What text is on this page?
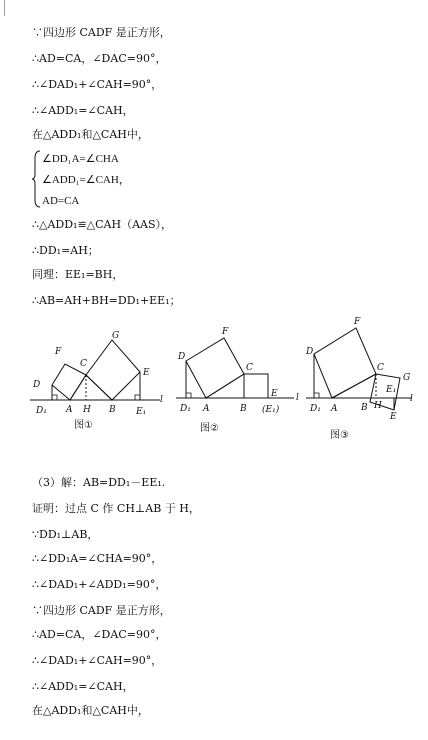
∵四边形 CADF 是正方形，
∴AD=CA，∠DAC=90°，
∴∠DAD₁+∠CAH=90°，
∴∠ADD₁=∠CAH，
在△ADD₁和△CAH中，
∠DD₁A=∠CHA
∠ADD₁=∠CAH，
AD=CA
∴△ADD₁≌△CAH（AAS），
∴DD₁=AH；
同理：EE₁=BH，
∴AB=AH+BH=DD₁+EE₁；
D
F
C
G
E
D₁ A H B E₁
l
图①
F
D
C
E
D₁ A	B (E₁)
l
图②
F
D
C
G
E₁
D₁ A	B H
E
l
图③
（3）解：AB=DD₁－EE₁.
证明：过点 C 作 CH⊥AB 于 H，
∵DD₁⊥AB，
∴∠DD₁A=∠CHA=90°，
∴∠DAD₁+∠ADD₁=90°，
∵四边形 CADF 是正方形，
∴AD=CA，∠DAC=90°，
∴∠DAD₁+∠CAH=90°，
∴∠ADD₁=∠CAH，
在△ADD₁和△CAH中，
